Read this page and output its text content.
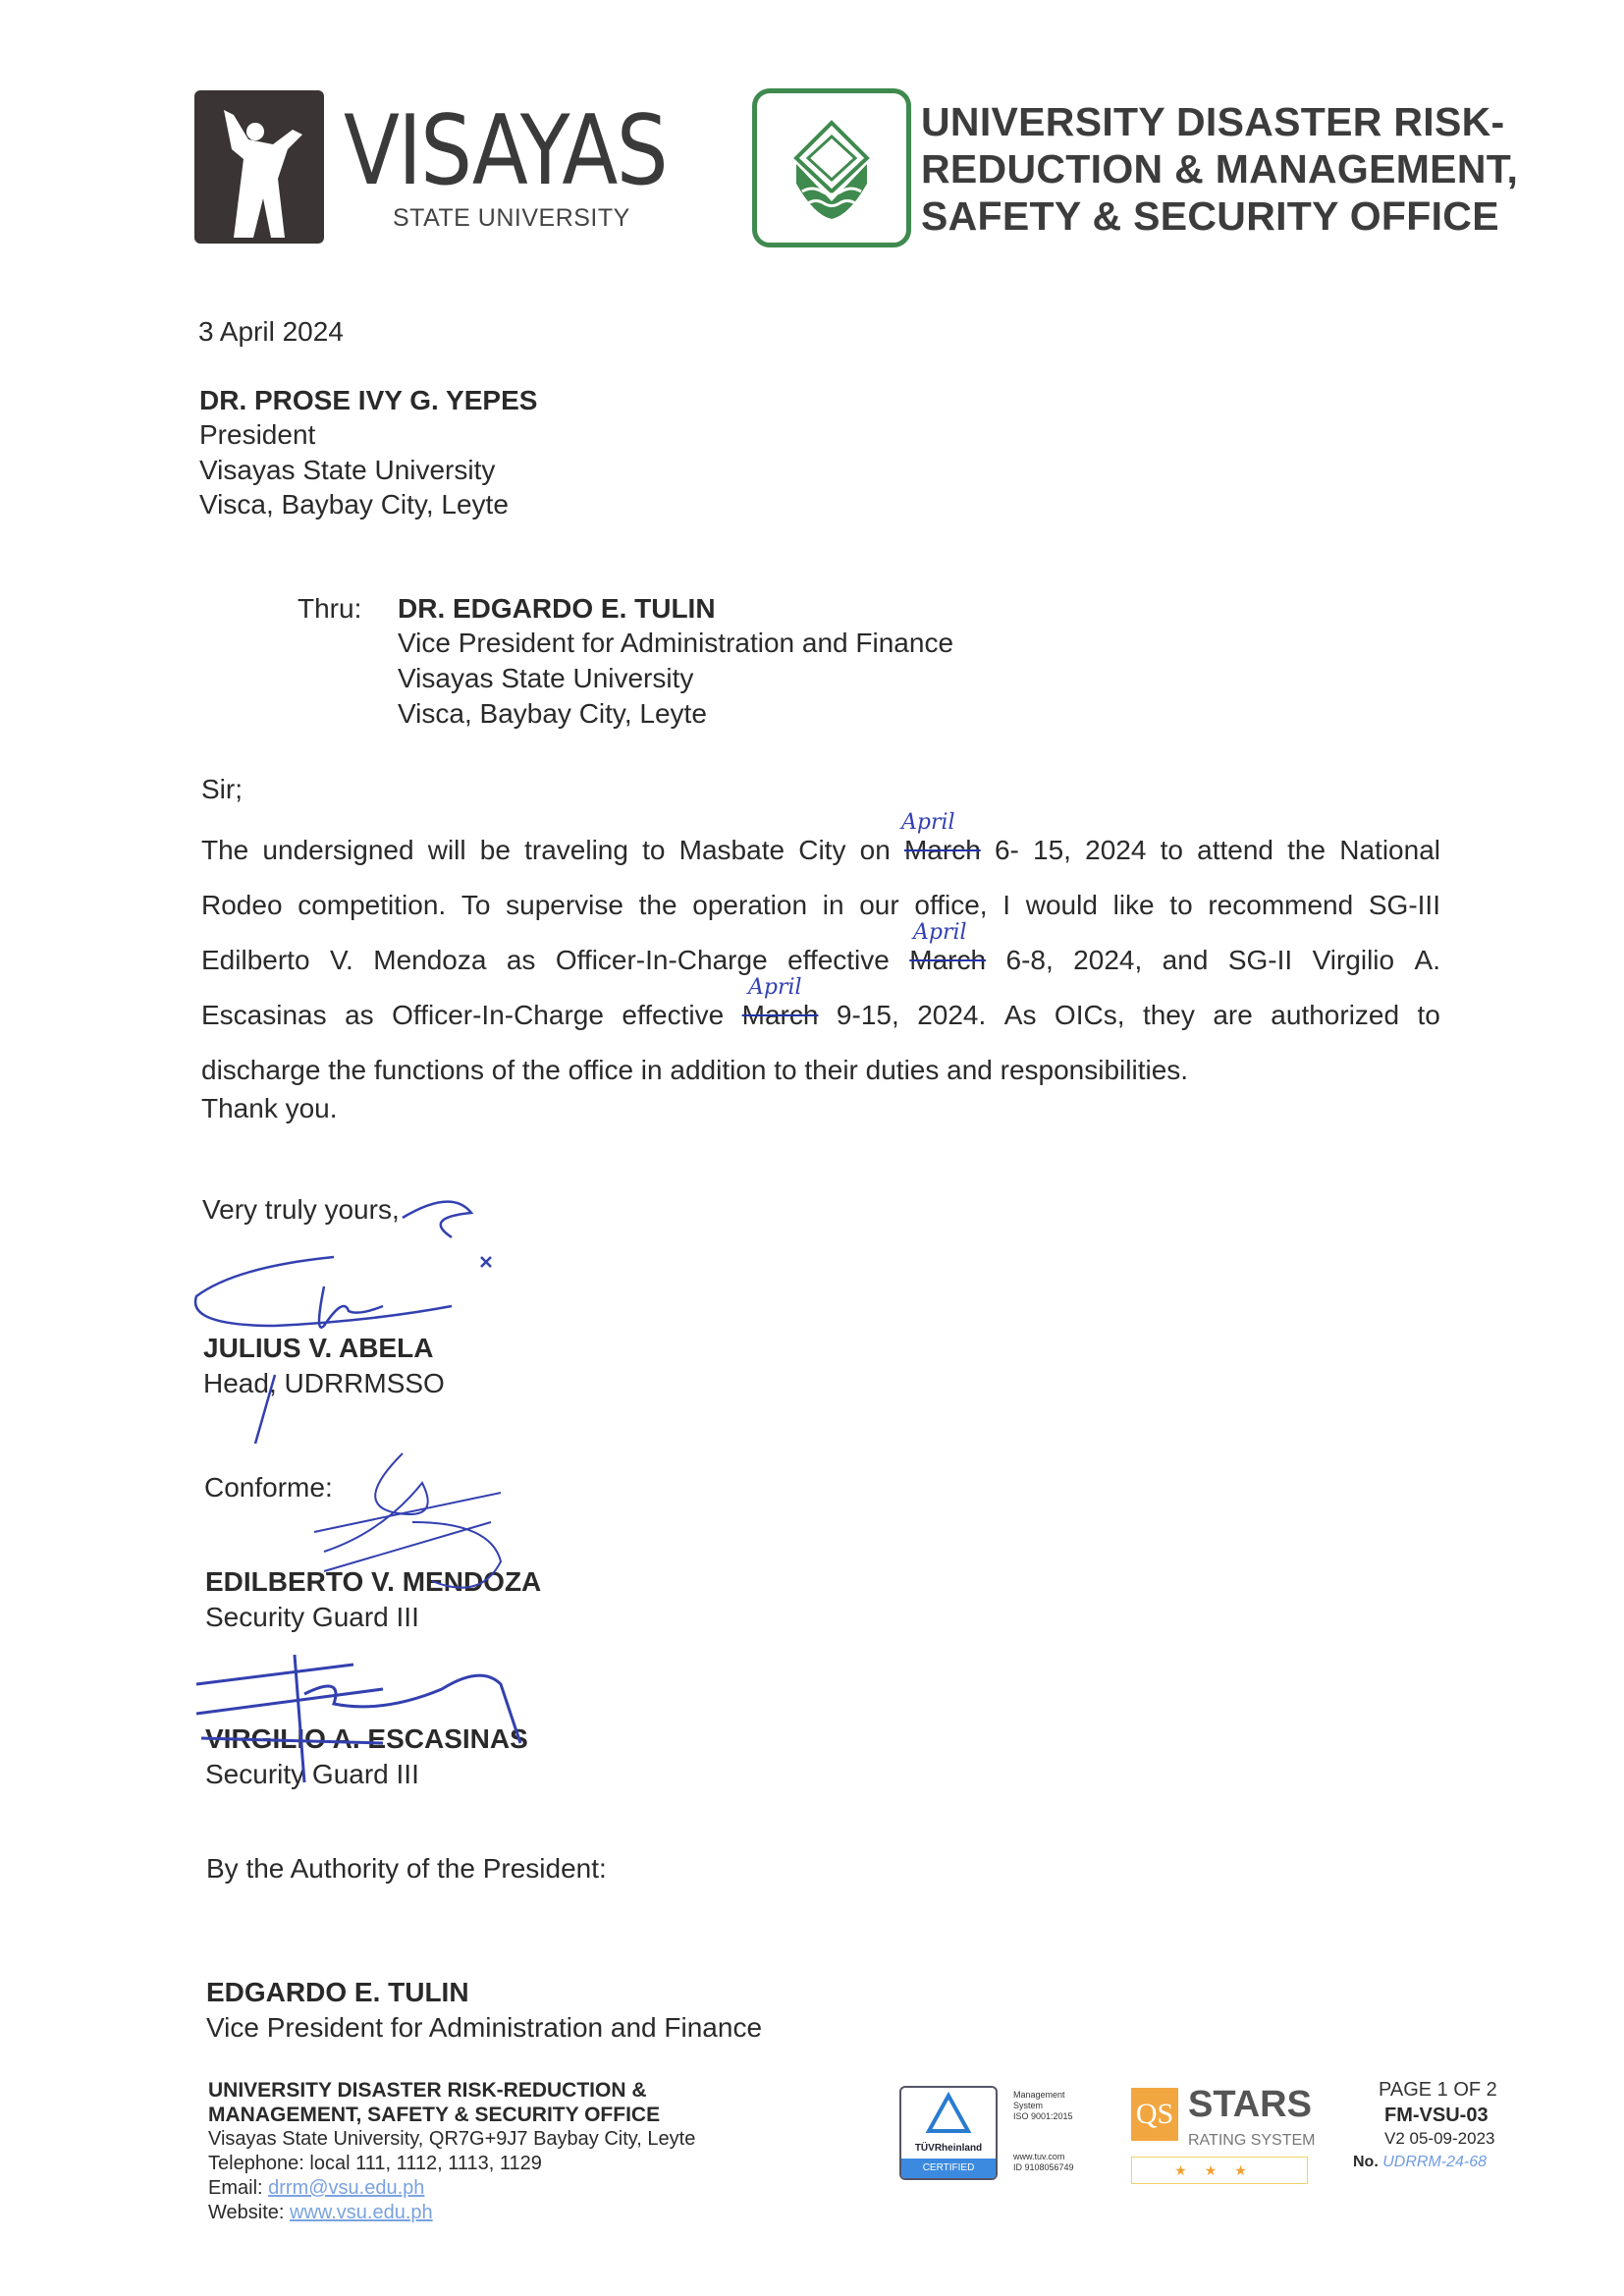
VISAYAS
STATE UNIVERSITY
UNIVERSITY DISASTER RISK-
REDUCTION & MANAGEMENT,
SAFETY & SECURITY OFFICE
3 April 2024
DR. PROSE IVY G. YEPES
President
Visayas State University
Visca, Baybay City, Leyte
Thru: DR. EDGARDO E. TULIN
Vice President for Administration and Finance
Visayas State University
Visca, Baybay City, Leyte
Sir;
The undersigned will be traveling to Masbate City on March 6- 15, 2024 to attend the National
Rodeo competition. To supervise the operation in our office, I would like to recommend SG-III
Edilberto V. Mendoza as Officer-In-Charge effective March 6-8, 2024, and SG-II Virgilio A.
Escasinas as Officer-In-Charge effective March 9-15, 2024. As OICs, they are authorized to
discharge the functions of the office in addition to their duties and responsibilities.
April
April
April
Thank you.
Very truly yours,
JULIUS V. ABELA
Head, UDRRMSSO
Conforme:
EDILBERTO V. MENDOZA
Security Guard III
VIRGILIO A. ESCASINAS
Security Guard III
By the Authority of the President:
EDGARDO E. TULIN
Vice President for Administration and Finance
UNIVERSITY DISASTER RISK-REDUCTION &
MANAGEMENT, SAFETY & SECURITY OFFICE
Visayas State University, QR7G+9J7 Baybay City, Leyte
Telephone: local 111, 1112, 1113, 1129
Email: drrm@vsu.edu.ph
Website: www.vsu.edu.ph
TÜVRheinland
CERTIFIED
Management
System
ISO 9001:2015
www.tuv.com
ID 9108056749
QS STARS
RATING SYSTEM
★★★
PAGE 1 OF 2
FM-VSU-03
V2 05-09-2023
No. UDRRM-24-68
